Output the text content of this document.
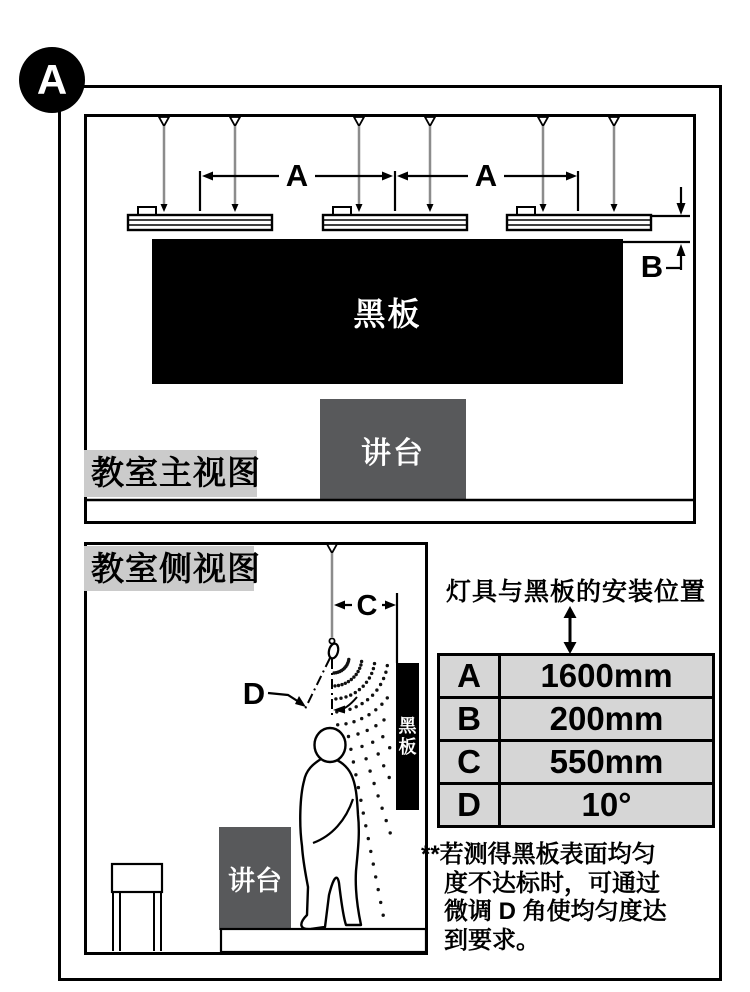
A
黑板
讲台
教室主视图
A	A
B
教室侧视图
黑
板
讲台
C
D
灯具与黑板的安装位置
A	1600mm
B	200mm
C	550mm
D	10°
**若测得黑板表面均匀
度不达标时，可通过
微调 D 角使均匀度达
到要求。
